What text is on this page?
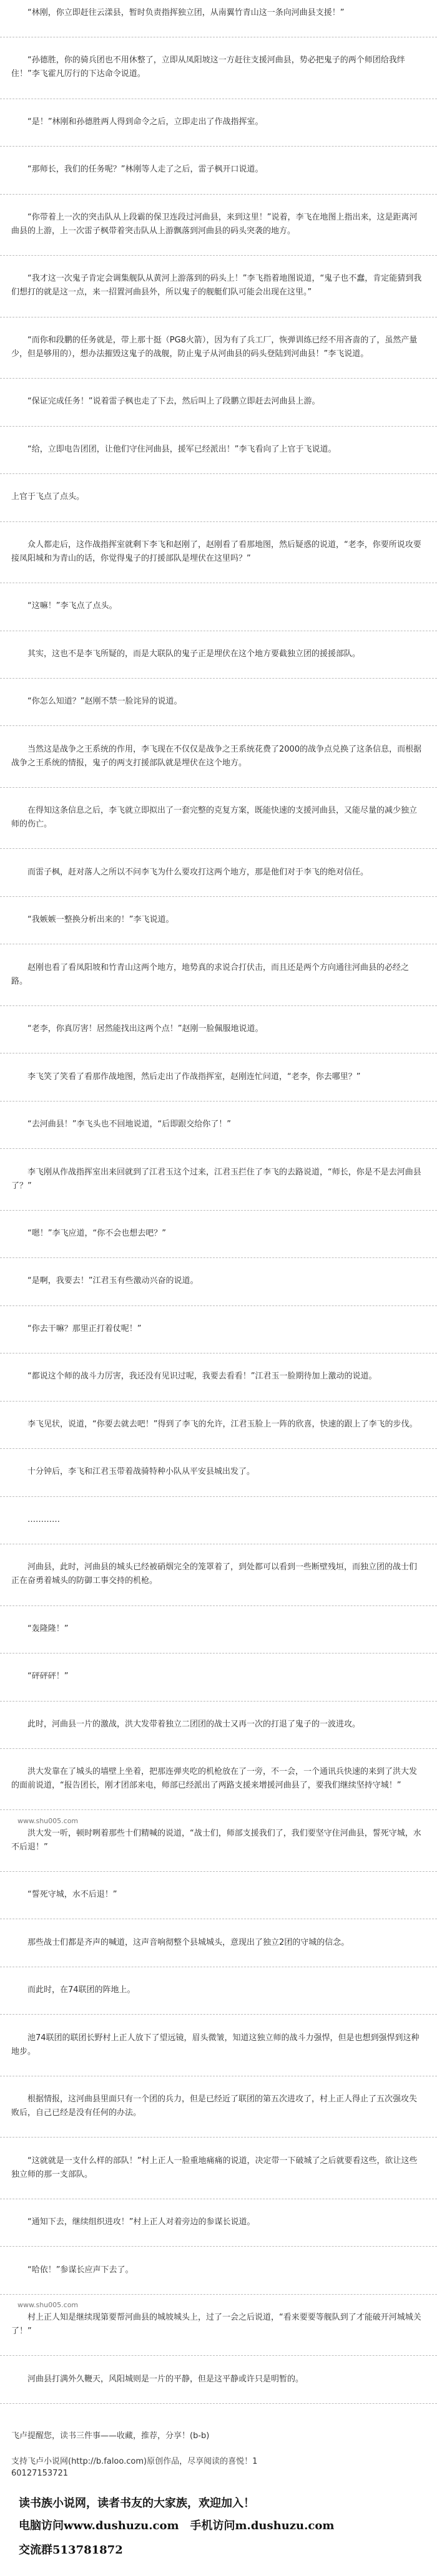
“林刚，你立即赶往云漾县，暂时负责指挥独立团，从南翼竹青山这一条向河曲县支援！”

“孙德胜，你的骑兵团也不用休整了，立即从凤阳坡这一方赶往支援河曲县，势必把鬼子的两个师团给我绊住！”李飞霍凡厉行的下达命令说道。

“是！”林刚和孙德胜两人得到命令之后，立即走出了作战指挥室。

“那师长，我们的任务呢？”林刚等人走了之后，雷子枫开口说道。

“你带着上一次的突击队从上段霸的保卫连段过河曲县，来到这里！”说着，李飞在地图上指出来，这是距离河曲县的上游，上一次雷子枫带着突击队从上游飘落到河曲县的码头突袭的地方。

“我才这一次鬼子肯定会调集舰队从黄河上游落到的码头上！”李飞指着地图说道，“鬼子也不蠢，肯定能猜到我们想打的就是这一点，来一招置河曲县外，所以鬼子的舰艇们队可能会出现在这里。”

“而你和段鹏的任务就是，带上那十挺（PG8火箭），因为有了兵工厂，恢弹训练已经不用吝啬的了，虽然产量少，但是够用的），想办法摧毁这鬼子的战舰，防止鬼子从河曲县的码头登陆到河曲县！”李飞说道。

“保证完成任务！”说着雷子枫也走了下去，然后叫上了段鹏立即赶去河曲县上游。

“给，立即电告团团，让他们守住河曲县，援军已经派出！”李飞看向了上官于飞说道。

上官于飞点了点头。

众人都走后，这作战指挥室就剩下李飞和赵刚了，赵刚看了看那地图，然后疑惑的说道，“老李，你要所说攻要接凤阳城和为青山的话，你觉得鬼子的打援部队是埋伏在这里吗？”

“这嘛！”李飞点了点头。

其实，这也不是李飞所疑的，而是大联队的鬼子正是埋伏在这个地方要截独立团的援援部队。

“你怎么知道？”赵刚不禁一脸诧异的说道。

当然这是战争之王系统的作用，李飞现在不仅仅是战争之王系统花费了2000的战争点兑换了这条信息，而根据战争之王系统的情报，鬼子的两支打援部队就是埋伏在这个地方。

在得知这条信息之后，李飞就立即拟出了一套完整的克复方案，既能快速的支援河曲县，又能尽量的减少独立师的伤亡。

而雷子枫，赶对落人之所以不问李飞为什么要攻打这两个地方，那是他们对于李飞的绝对信任。

“我嫉嫉一整换分析出来的！”李飞说道。

赵刚也看了看凤阳坡和竹青山这两个地方，地势真的求说合打伏击，而且还是两个方向通往河曲县的必经之路。

“老李，你真厉害！居然能找出这两个点！”赵刚一脸佩服地说道。

李飞笑了笑看了看那作战地图，然后走出了作战指挥室，赵刚连忙问道，“老李，你去哪里？”

“去河曲县！”李飞头也不回地说道，“后即跟交给你了！”

李飞刚从作战指挥室出来回就到了江君玉这个过来，江君玉拦住了李飞的去路说道，“师长，你是不是去河曲县了？”

“嗯！”李飞应道，“你不会也想去吧？”

“是啊，我要去！”江君玉有些激动兴奋的说道。

“你去干嘛？那里正打着仗呢！”

“都说这个师的战斗力厉害，我还没有见识过呢，我要去看看！”江君玉一脸期待加上激动的说道。

李飞见状，说道，“你要去就去吧！”得到了李飞的允许，江君玉脸上一阵的欣喜，快速的跟上了李飞的步伐。

十分钟后，李飞和江君玉带着战骑特种小队从平安县城出发了。

…………

河曲县，此时，河曲县的城头已经被硝烟完全的笼罩着了，到处都可以看到一些断壁残垣，而独立团的战士们正在奋勇着城头的防御工事交持的机枪。

“轰隆隆！”

“砰砰砰！”

此时，河曲县一片的激战，洪大发带着独立二团团的战士又再一次的打退了鬼子的一波进攻。

洪大发靠在了城头的墙壁上坐着，把那连弹夹吃的机枪放在了一旁，不一会，一个通讯兵快速的来到了洪大发的面前说道，“报告团长，刚才团部来电，师部已经派出了两路支援来增援河曲县了，要我们继续坚持守城！”

洪大发一听，顿时咧着那些十们精喊的说道，“战士们，师部支援我们了，我们要坚守住河曲县，誓死守城，水不后退！”

“誓死守城，水不后退！”

那些战士们都是齐声的喊道，这声音响彻整个县城城头，意现出了独立2团的守城的信念。

而此时，在74联团的阵地上。

池74联团的联团长野村上正人放下了望远镜，眉头微皱，知道这独立师的战斗力强悍，但是也想到强悍到这种地步。

根据情报，这河曲县里面只有一个团的兵力，但是已经近了联团的第五次进攻了，村上正人得止了五次强攻失败后，自己已经是没有任何的办法。

“这就就是一支什么样的部队！”村上正人一脸重地痛痛的说道，决定带一下破城了之后就要看这些，欲让这些独立师的那一支部队。

“通知下去，继续组织进攻！”村上正人对着旁边的参谋长说道。

“哈依！”参谋长应声下去了。

村上正人知是继续现第要帮河曲县的城坡城头上，过了一会之后说道，“看来要要等舰队到了才能破开河城城关了！”

河曲县打满外久鞭天，风阳城则是一片的平静，但是这平静或许只是明暂的。

www.shu005.com
www.shu005.com
飞卢提醒您，读书三件事——收藏，推荐，分享！(b-b)
支持飞卢小说网(http://b.faloo.com)原创作品，尽享阅读的喜悦！1
60127153721
读书族小说网，读者书友的大家族，欢迎加入！
电脑访问www.dushuzu.com 手机访问m.dushuzu.com
交流群513781872
